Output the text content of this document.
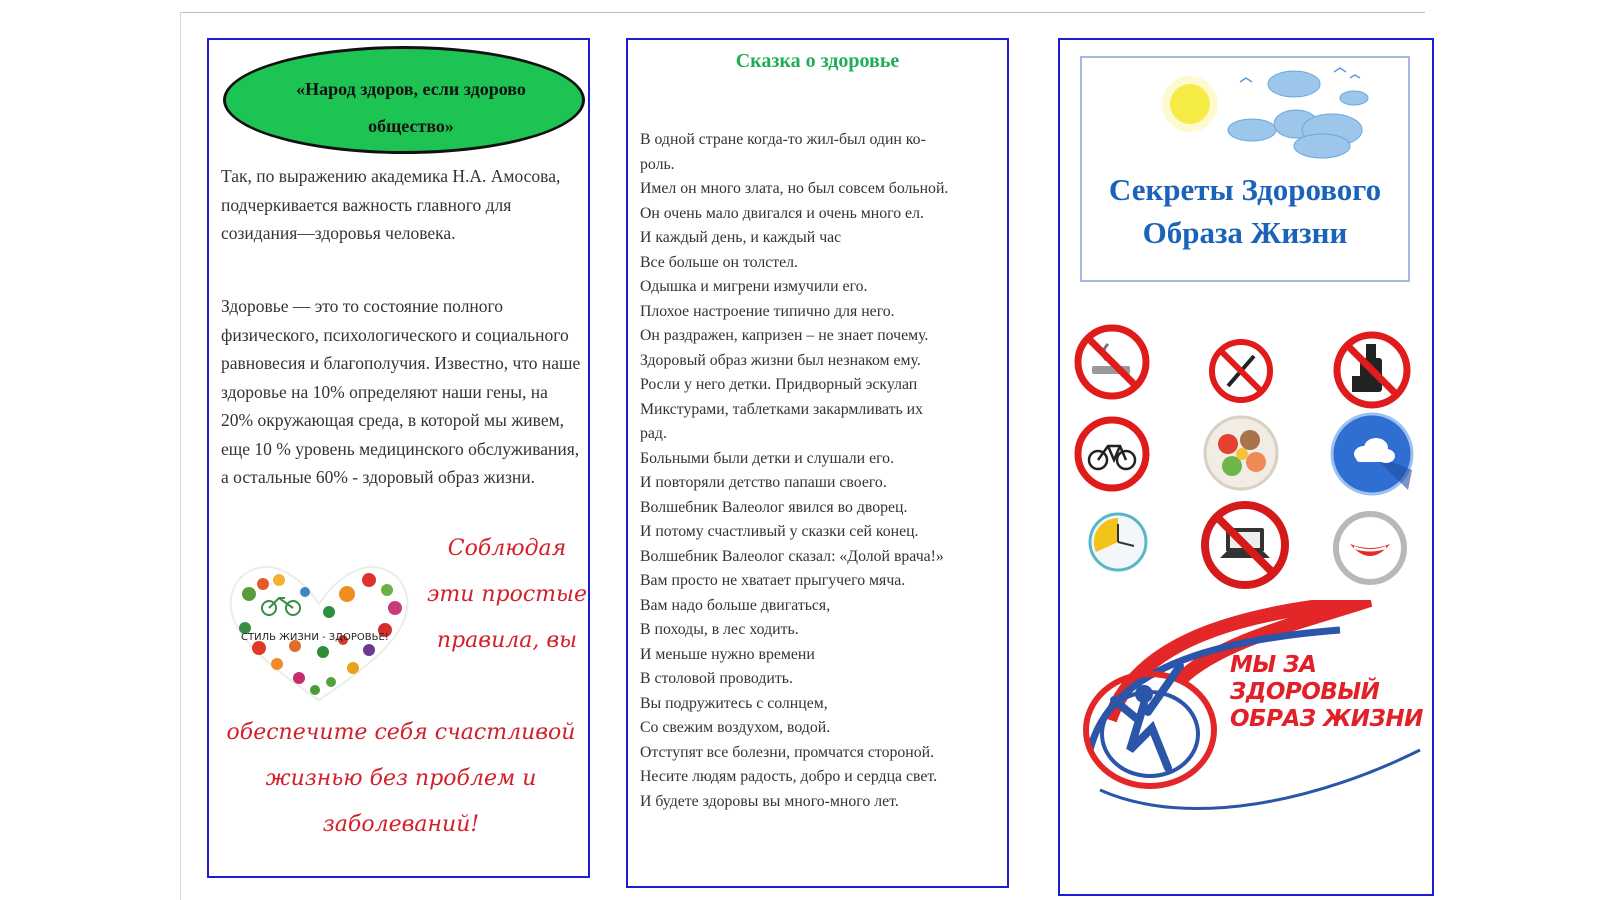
«Народ здоров, если здорово общество»
Так, по выражению академика Н.А. Амосова, подчеркивается важность главного для созидания—здоровья человека.
Здоровье — это то состояние полного физического, психологического и социального равновесия и благополучия. Известно, что наше здоровье на 10% определяют наши гены, на 20% окружающая среда, в которой мы живем, еще 10 % уровень медицинского обслуживания, а остальные 60% - здоровый образ жизни.
СТИЛЬ ЖИЗНИ - ЗДОРОВЬЕ!
Соблюдая эти простые правила, вы
обеспечите себя счастливой жизнью без проблем и заболеваний!
Сказка о здоровье
В одной стране когда-то жил-был один ко-
роль.
Имел он много злата, но был совсем больной.
Он очень мало двигался и очень много ел.
И каждый день, и каждый час
Все больше он толстел.
Одышка и мигрени измучили его.
Плохое настроение типично для него.
Он раздражен, капризен – не знает почему.
Здоровый образ жизни был незнаком ему.
Росли у него детки. Придворный эскулап
Микстурами, таблетками закармливать их
рад.
Больными были детки и слушали его.
И повторяли детство папаши своего.
Волшебник Валеолог явился во дворец.
И потому счастливый у сказки сей конец.
Волшебник Валеолог сказал: «Долой врача!»
Вам просто не хватает прыгучего мяча.
Вам надо больше двигаться,
В походы, в лес ходить.
И меньше нужно времени
В столовой проводить.
Вы подружитесь с солнцем,
Со свежим воздухом, водой.
Отступят все болезни, промчатся стороной.
Несите людям радость, добро и сердца свет.
И будете здоровы вы много-много лет.
Секреты Здорового Образа Жизни
МЫ ЗА ЗДОРОВЫЙ ОБРАЗ ЖИЗНИ
